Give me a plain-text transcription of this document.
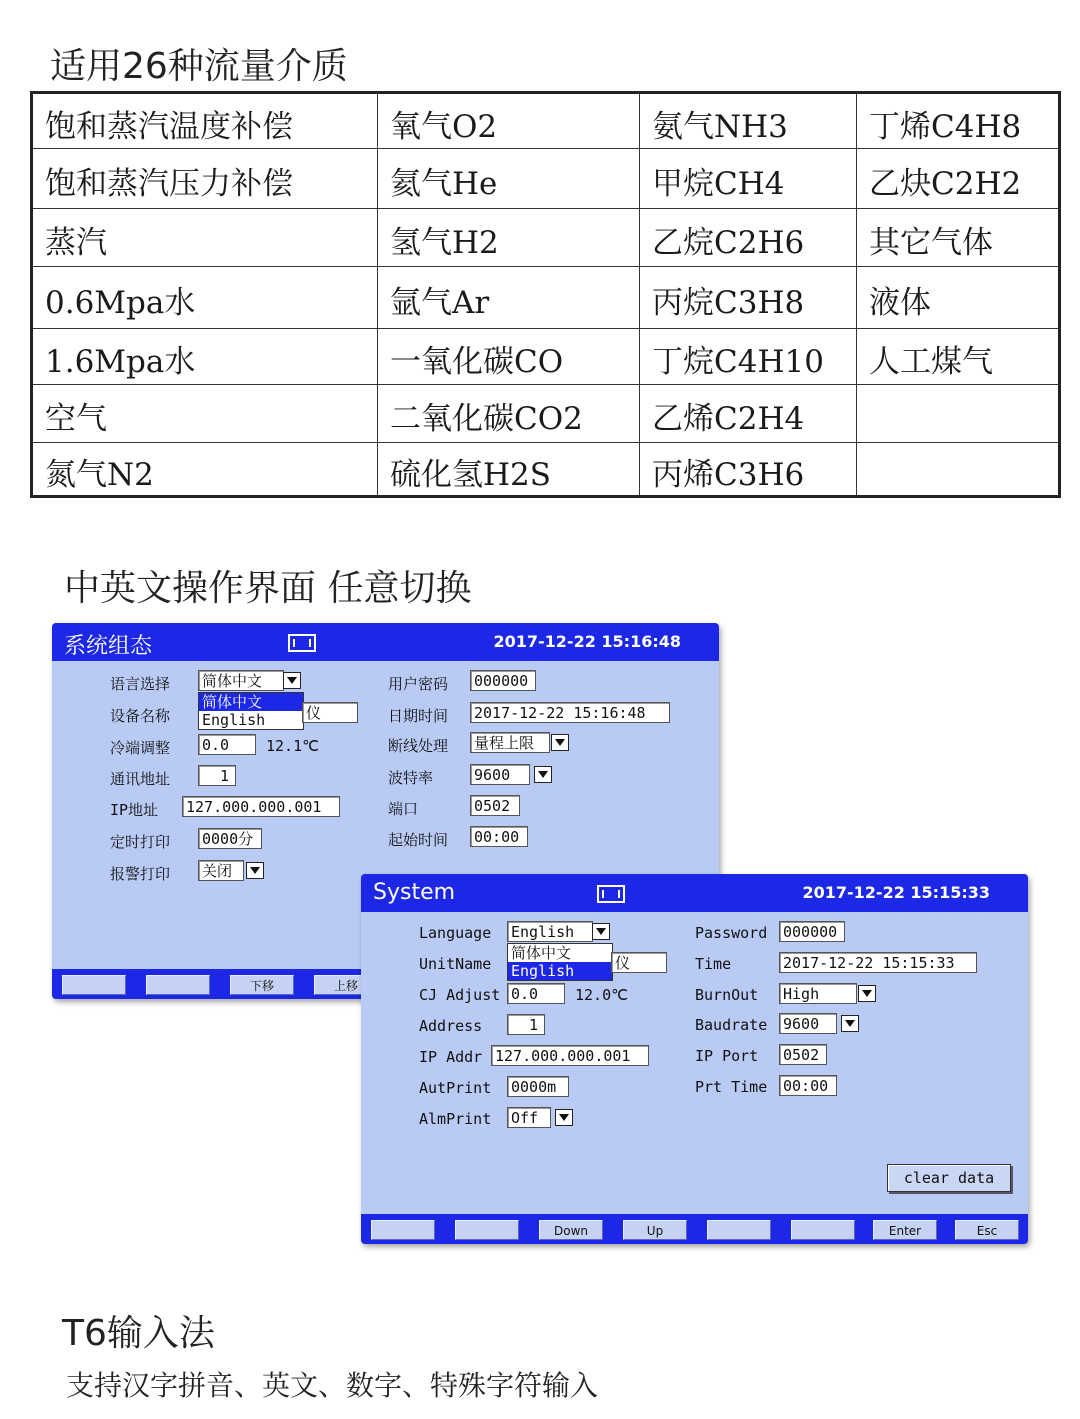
适用26种流量介质
饱和蒸汽温度补偿	氧气O2	氨气NH3	丁烯C4H8
饱和蒸汽压力补偿	氦气He	甲烷CH4	乙炔C2H2
蒸汽	氢气H2	乙烷C2H6	其它气体
0.6Mpa水	氩气Ar	丙烷C3H8	液体
1.6Mpa水	一氧化碳CO	丁烷C4H10	人工煤气
空气	二氧化碳CO2	乙烯C2H4	
氮气N2	硫化氢H2S	丙烯C3H6	
中英文操作界面 任意切换
系统组态	2017-12-22 15:16:48
语言选择 简体中文
简体中文
English
设备名称	仪
冷端调整 0.0	12.1℃
通讯地址	1
IP地址 127.000.000.001
定时打印 0000分
报警打印 关闭
用户密码 000000
日期时间 2017-12-22 15:16:48
断线处理 量程上限
波特率	9600
端口	0502
起始时间 00:00
下移	上移
System	2017-12-22 15:15:33
Language English
简体中文
English
UnitName	仪
CJ Adjust 0.0	12.0℃
Address	1
IP Addr 127.000.000.001
AutPrint 0000m
AlmPrint Off
Password 000000
Time	2017-12-22 15:15:33
BurnOut High
Baudrate 9600
IP Port 0502
Prt Time 00:00
clear data
Down	Up	Enter	Esc
T6输入法
支持汉字拼音、英文、数字、特殊字符输入
